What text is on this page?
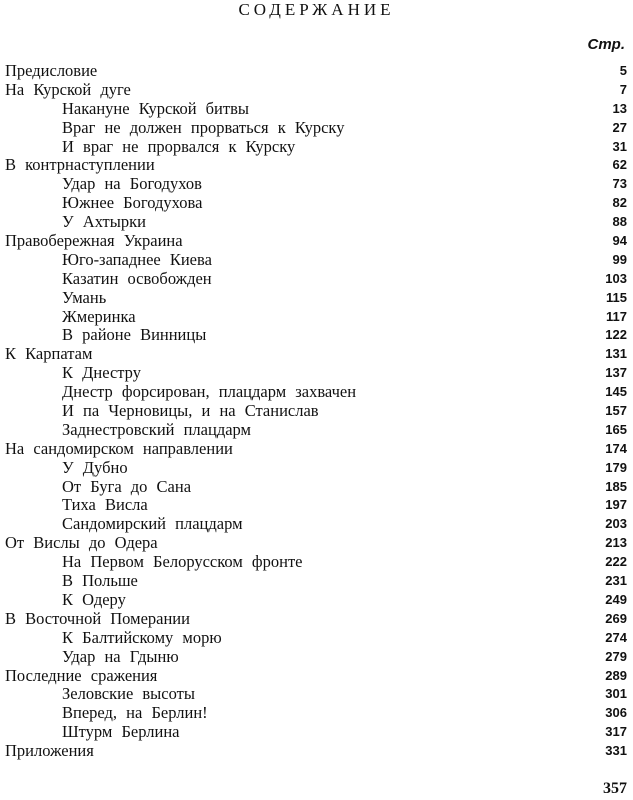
СОДЕРЖАНИЕ
Стр.
Предисловие	5
На Курской дуге	7
Накануне Курской битвы	13
Враг не должен прорваться к Курску	27
И враг не прорвался к Курску	31
В контрнаступлении	62
Удар на Богодухов	73
Южнее Богодухова	82
У Ахтырки	88
Правобережная Украина	94
Юго-западнее Киева	99
Казатин освобожден	103
Умань	115
Жмеринка	117
В районе Винницы	122
К Карпатам	131
К Днестру	137
Днестр форсирован, плацдарм захвачен	145
И па Черновицы, и на Станислав	157
Заднестровский плацдарм	165
На сандомирском направлении	174
У Дубно	179
От Буга до Сана	185
Тиха Висла	197
Сандомирский плацдарм	203
От Вислы до Одера	213
На Первом Белорусском фронте	222
В Польше	231
К Одеру	249
В Восточной Померании	269
К Балтийскому морю	274
Удар на Гдыню	279
Последние сражения	289
Зеловские высоты	301
Вперед, на Берлин!	306
Штурм Берлина	317
Приложения	331
357
